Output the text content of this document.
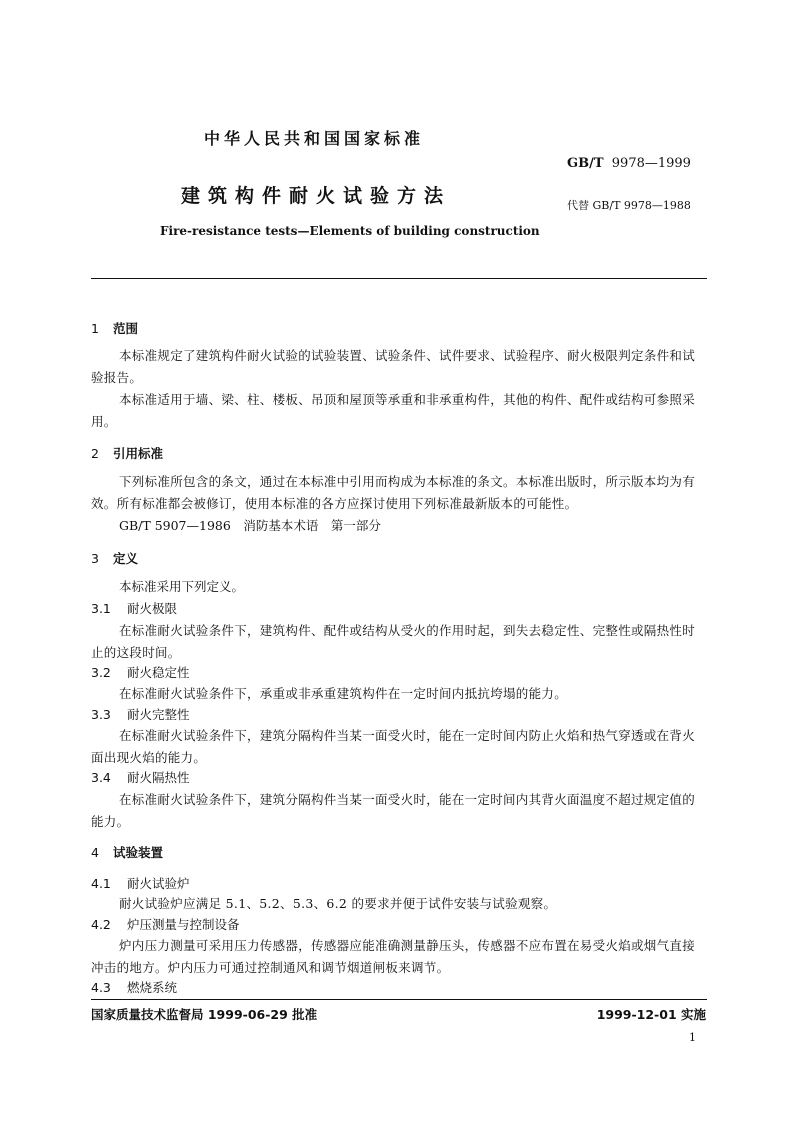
中华人民共和国国家标准
GB/T 9978—1999
建筑构件耐火试验方法	代替 GB/T 9978—1988
Fire-resistance tests—Elements of building construction
1 范围
本标准规定了建筑构件耐火试验的试验装置、试验条件、试件要求、试验程序、耐火极限判定条件和试验报告。
本标准适用于墙、梁、柱、楼板、吊顶和屋顶等承重和非承重构件，其他的构件、配件或结构可参照采用。
2 引用标准
下列标准所包含的条文，通过在本标准中引用而构成为本标准的条文。本标准出版时，所示版本均为有效。所有标准都会被修订，使用本标准的各方应探讨使用下列标准最新版本的可能性。
GB/T 5907—1986　消防基本术语　第一部分
3 定义
本标准采用下列定义。
3.1 耐火极限
在标准耐火试验条件下，建筑构件、配件或结构从受火的作用时起，到失去稳定性、完整性或隔热性时止的这段时间。
3.2 耐火稳定性
在标准耐火试验条件下，承重或非承重建筑构件在一定时间内抵抗垮塌的能力。
3.3 耐火完整性
在标准耐火试验条件下，建筑分隔构件当某一面受火时，能在一定时间内防止火焰和热气穿透或在背火面出现火焰的能力。
3.4 耐火隔热性
在标准耐火试验条件下，建筑分隔构件当某一面受火时，能在一定时间内其背火面温度不超过规定值的能力。
4 试验装置
4.1 耐火试验炉
耐火试验炉应满足 5.1、5.2、5.3、6.2 的要求并便于试件安装与试验观察。
4.2 炉压测量与控制设备
炉内压力测量可采用压力传感器，传感器应能准确测量静压头，传感器不应布置在易受火焰或烟气直接冲击的地方。炉内压力可通过控制通风和调节烟道闸板来调节。
4.3 燃烧系统
国家质量技术监督局 1999-06-29 批准	1999-12-01 实施
1
